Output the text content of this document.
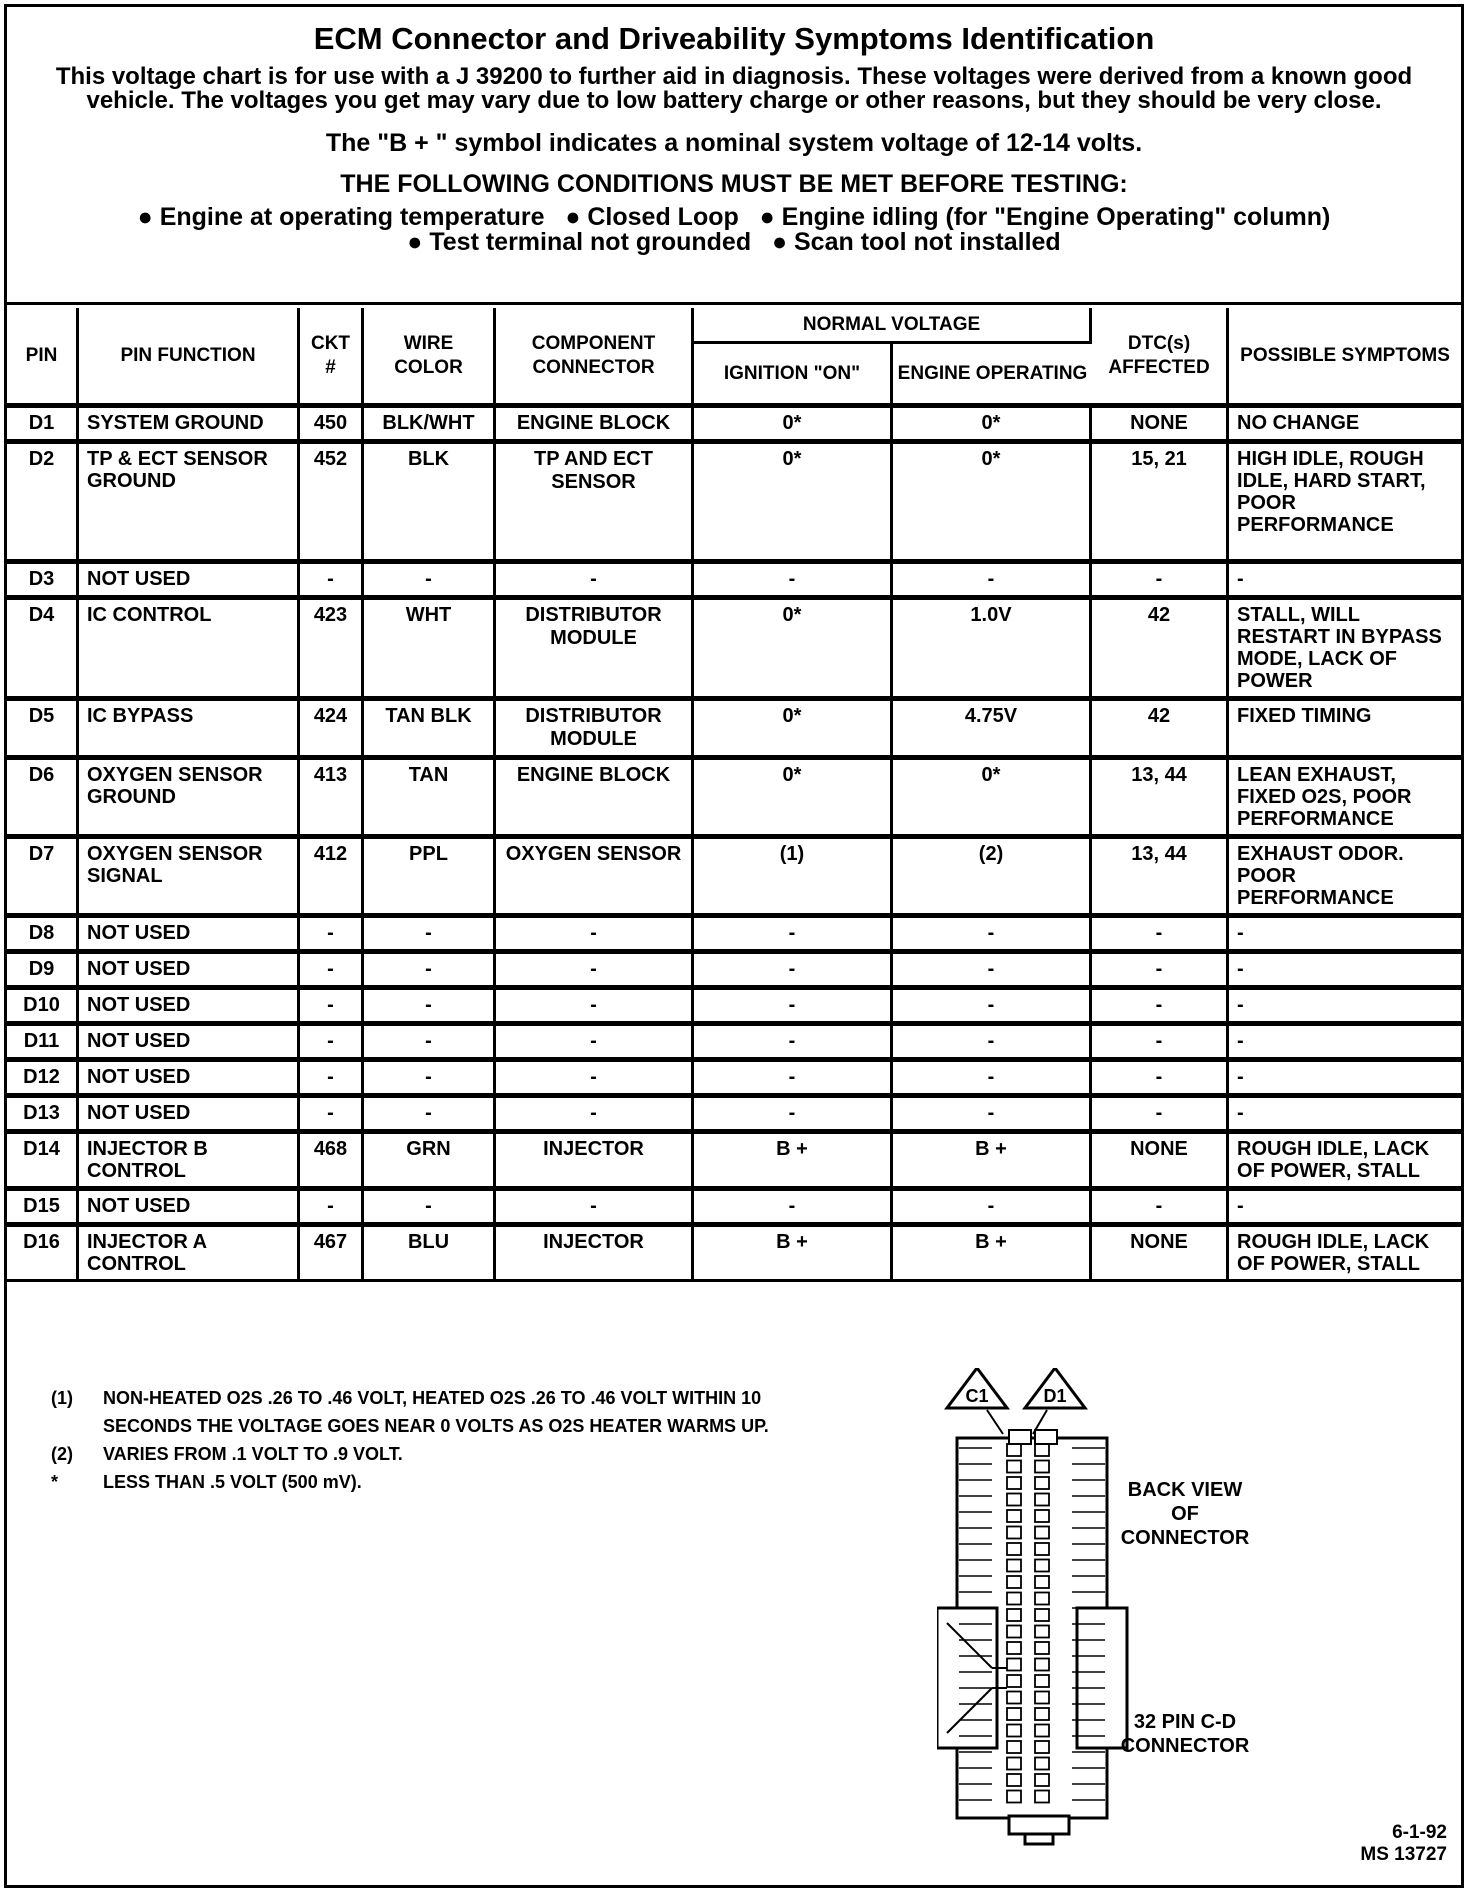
ECM Connector and Driveability Symptoms Identification
This voltage chart is for use with a J 39200 to further aid in diagnosis. These voltages were derived from a known good vehicle. The voltages you get may vary due to low battery charge or other reasons, but they should be very close.
The "B + " symbol indicates a nominal system voltage of 12-14 volts.
THE FOLLOWING CONDITIONS MUST BE MET BEFORE TESTING:
● Engine at operating temperature   ● Closed Loop   ● Engine idling (for "Engine Operating" column)
● Test terminal not grounded   ● Scan tool not installed
PIN	PIN FUNCTION	CKT #	WIRE COLOR	COMPONENT CONNECTOR	NORMAL VOLTAGE		DTC(s) AFFECTED	POSSIBLE SYMPTOMS
					IGNITION "ON"	ENGINE OPERATING		
D1	SYSTEM GROUND	450	BLK/WHT	ENGINE BLOCK	0*	0*	NONE	NO CHANGE
D2	TP & ECT SENSOR GROUND	452	BLK	TP AND ECT SENSOR	0*	0*	15, 21	HIGH IDLE, ROUGH IDLE, HARD START, POOR PERFORMANCE
D3	NOT USED	-	-	-	-	-	-	-
D4	IC CONTROL	423	WHT	DISTRIBUTOR MODULE	0*	1.0V	42	STALL, WILL RESTART IN BYPASS MODE, LACK OF POWER
D5	IC BYPASS	424	TAN BLK	DISTRIBUTOR MODULE	0*	4.75V	42	FIXED TIMING
D6	OXYGEN SENSOR GROUND	413	TAN	ENGINE BLOCK	0*	0*	13, 44	LEAN EXHAUST, FIXED O2S, POOR PERFORMANCE
D7	OXYGEN SENSOR SIGNAL	412	PPL	OXYGEN SENSOR	(1)	(2)	13, 44	EXHAUST ODOR. POOR PERFORMANCE
D8	NOT USED	-	-	-	-	-	-	-
D9	NOT USED	-	-	-	-	-	-	-
D10	NOT USED	-	-	-	-	-	-	-
D11	NOT USED	-	-	-	-	-	-	-
D12	NOT USED	-	-	-	-	-	-	-
D13	NOT USED	-	-	-	-	-	-	-
D14	INJECTOR B CONTROL	468	GRN	INJECTOR	B +	B +	NONE	ROUGH IDLE, LACK OF POWER, STALL
D15	NOT USED	-	-	-	-	-	-	-
D16	INJECTOR A CONTROL	467	BLU	INJECTOR	B +	B +	NONE	ROUGH IDLE, LACK OF POWER, STALL
(1)	NON-HEATED O2S .26 TO .46 VOLT, HEATED O2S .26 TO .46 VOLT WITHIN 10 SECONDS THE VOLTAGE GOES NEAR 0 VOLTS AS O2S HEATER WARMS UP.
(2)	VARIES FROM .1 VOLT TO .9 VOLT.
*	LESS THAN .5 VOLT (500 mV).
C1	D1
BACK VIEW OF CONNECTOR
32 PIN C-D CONNECTOR
6-1-92
MS 13727
